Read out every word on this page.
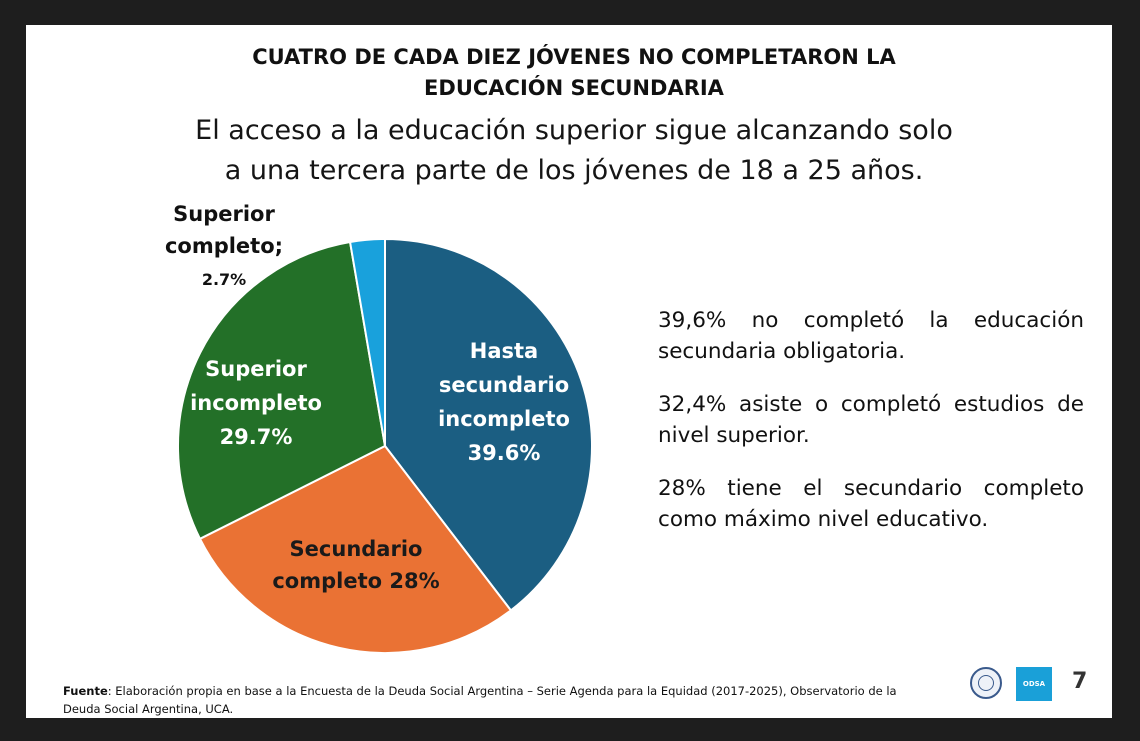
CUATRO DE CADA DIEZ JÓVENES NO COMPLETARON LA
EDUCACIÓN SECUNDARIA
El acceso a la educación superior sigue alcanzando solo
a una tercera parte de los jóvenes de 18 a 25 años.
Hasta secundario incompleto 39.6%
Secundario completo 28%
Superior incompleto 29.7%
Superior completo; 2.7%

39,6% no completó la educación secundaria obligatoria.

32,4% asiste o completó estudios de nivel superior.

28% tiene el secundario completo como máximo nivel educativo.

Fuente: Elaboración propia en base a la Encuesta de la Deuda Social Argentina – Serie Agenda para la Equidad (2017-2025), Observatorio de la Deuda Social Argentina, UCA.
ODSA	7
